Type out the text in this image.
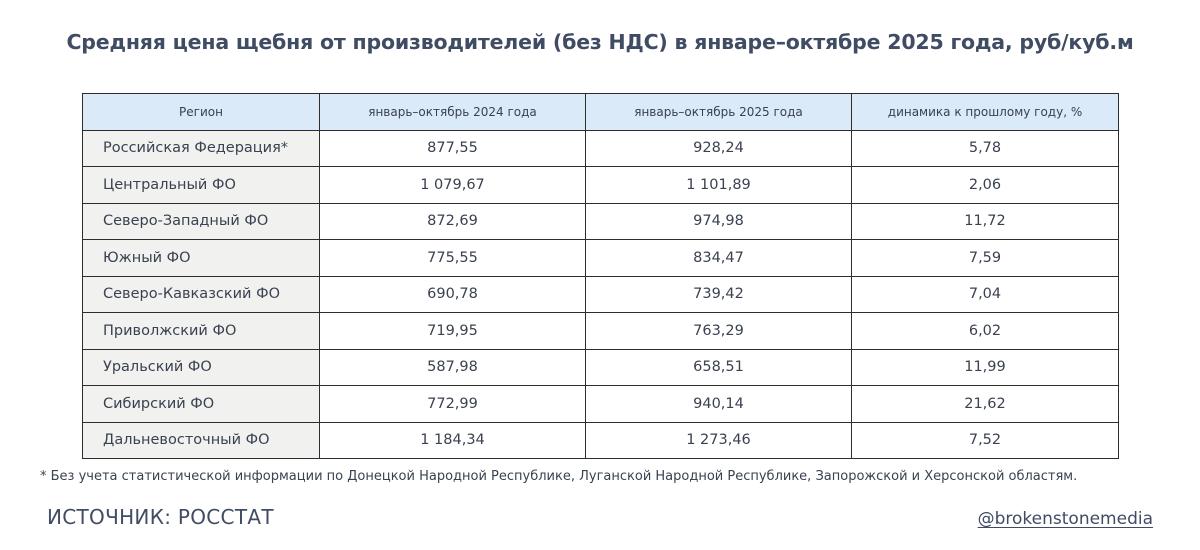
Средняя цена щебня от производителей (без НДС) в январе–октябре 2025 года, руб/куб.м
Регион	январь–октябрь 2024 года	январь–октябрь 2025 года	динамика к прошлому году, %
Российская Федерация*	877,55	928,24	5,78
Центральный ФО	1 079,67	1 101,89	2,06
Северо-Западный ФО	872,69	974,98	11,72
Южный ФО	775,55	834,47	7,59
Северо-Кавказский ФО	690,78	739,42	7,04
Приволжский ФО	719,95	763,29	6,02
Уральский ФО	587,98	658,51	11,99
Сибирский ФО	772,99	940,14	21,62
Дальневосточный ФО	1 184,34	1 273,46	7,52
* Без учета статистической информации по Донецкой Народной Республике, Луганской Народной Республике, Запорожской и Херсонской областям.
ИСТОЧНИК: РОССТАТ	@brokenstonemedia
